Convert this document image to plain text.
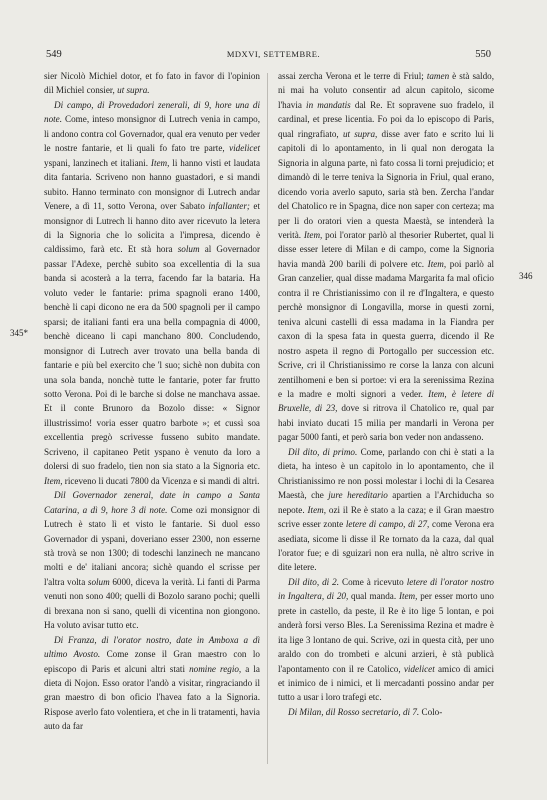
549	MDXVI, SETTEMBRE.	550
345*
346

sier Nicolò Michiel dotor, et fo fato in favor di l'opinion dil Michiel consier, ut supra.

Di campo, di Provedadori zenerali, di 9, hore una di note. Come, inteso monsignor di Lutrech venia in campo, li andono contra col Governador, qual era venuto per veder le nostre fantarie, et li quali fo fato tre parte, videlicet yspani, lanzinech et italiani. Item, li hanno visti et laudata dita fantaria. Scriveno non hanno guastadori, e si mandi subito. Hanno terminato con monsignor di Lutrech andar Venere, a dì 11, sotto Verona, over Sabato infallanter; et monsignor di Lutrech li hanno dito aver ricevuto la letera di la Signoria che lo solicita a l'impresa, dicendo è caldissimo, farà etc. Et stà hora solum al Governador passar l'Adexe, perchè subito soa excellentia di la sua banda si acosterà a la terra, facendo far la bataria. Ha voluto veder le fantarie: prima spagnoli erano 1400, benchè li capi dicono ne era da 500 spagnoli per il campo sparsi; de italiani fanti era una bella compagnia di 4000, benchè diceano li capi manchano 800. Concludendo, monsignor di Lutrech aver trovato una bella banda di fantarie e più bel exercito che 'l suo; sichè non dubita con una sola banda, nonchè tutte le fantarie, poter far frutto sotto Verona. Poi di le barche si dolse ne manchava assae. Et il conte Brunoro da Bozolo disse: « Signor illustrissimo! voria esser quatro barbote »; et cussì soa excellentia pregò scrivesse fusseno subito mandate. Scriveno, il capitaneo Petit yspano è venuto da loro a dolersi di suo fradelo, tien non sia stato a la Signoria etc. Item, riceveno li ducati 7800 da Vicenza e si mandi di altri.

Dil Governador zeneral, date in campo a Santa Catarina, a dì 9, hore 3 di note. Come ozi monsignor di Lutrech è stato lì et visto le fantarie. Si duol esso Governador di yspani, doveriano esser 2300, non esserne stà trovà se non 1300; di todeschi lanzinech ne mancano molti e de' italiani ancora; sichè quando el scrisse per l'altra volta solum 6000, diceva la verità. Li fanti di Parma venuti non sono 400; quelli di Bozolo sarano pochi; quelli di brexana non si sano, quelli di vicentina non giongono. Ha voluto avisar tutto etc.

Di Franza, di l'orator nostro, date in Amboxa a dì ultimo Avosto. Come zonse il Gran maestro con lo episcopo di Paris et alcuni altri stati nomine regio, a la dieta di Nojon. Esso orator l'andò a visitar, ringraciando il gran maestro di bon oficio l'havea fato a la Signoria. Rispose averlo fato volentiera, et che in li tratamenti, havia auto da far

assai zercha Verona et le terre di Friul; tamen è stà saldo, ni mai ha voluto consentir ad alcun capitolo, sicome l'havia in mandatis dal Re. Et sopravene suo fradelo, il cardinal, et prese licentia. Fo poi da lo episcopo di Paris, qual ringrafiato, ut supra, disse aver fato e scrito lui li capitoli di lo apontamento, in li qual non derogata la Signoria in alguna parte, nì fato cossa li torni prejudicio; et dimandò di le terre teniva la Signoria in Friul, qual erano, dicendo voria averlo saputo, saria stà ben. Zercha l'andar del Chatolico re in Spagna, dice non saper con certeza; ma per li do oratori vien a questa Maestà, se intenderà la verità. Item, poi l'orator parlò al thesorier Rubertet, qual li disse esser letere di Milan e di campo, come la Signoria havia mandà 200 barili di polvere etc. Item, poi parlò al Gran canzelier, qual disse madama Margarita fa mal oficio contra il re Christianissimo con il re d'Ingaltera, e questo perchè monsignor di Longavilla, morse in questi zorni, teniva alcuni castelli di essa madama in la Fiandra per caxon di la spesa fata in questa guerra, dicendo il Re nostro aspeta il regno di Portogallo per succession etc. Scrive, cri il Christianissimo re corse la lanza con alcuni zentilhomeni e ben si portoe: vi era la serenissima Rezina e la madre e molti signori a veder. Item, è letere di Bruxelle, di 23, dove si ritrova il Chatolico re, qual par habi inviato ducati 15 milia per mandarli in Verona per pagar 5000 fanti, et però saria bon veder non andasseno.

Dil dito, di primo. Come, parlando con chi è stati a la dieta, ha inteso è un capitolo in lo apontamento, che il Christianissimo re non possi molestar i lochi di la Cesarea Maestà, che jure hereditario apartien a l'Archiducha so nepote. Item, ozi il Re è stato a la caza; e il Gran maestro scrive esser zonte letere di campo, di 27, come Verona era asediata, sicome li disse il Re tornato da la caza, dal qual l'orator fue; e di sguizari non era nulla, nè altro scrive in dite letere.

Dil dito, di 2. Come à ricevuto letere di l'orator nostro in Ingaltera, di 20, qual manda. Item, per esser morto uno prete in castello, da peste, il Re è ito lige 5 lontan, e poi anderà forsi verso Bles. La Serenissima Rezina et madre è ita lige 3 lontano de qui. Scrive, ozi in questa cità, per uno araldo con do trombeti e alcuni arzieri, è stà publicà l'apontamento con il re Catolico, videlicet amico di amici et inimico de i nimici, et li mercadanti possino andar per tutto a usar i loro trafegi etc.

Di Milan, dil Rosso secretario, di 7. Colo-
